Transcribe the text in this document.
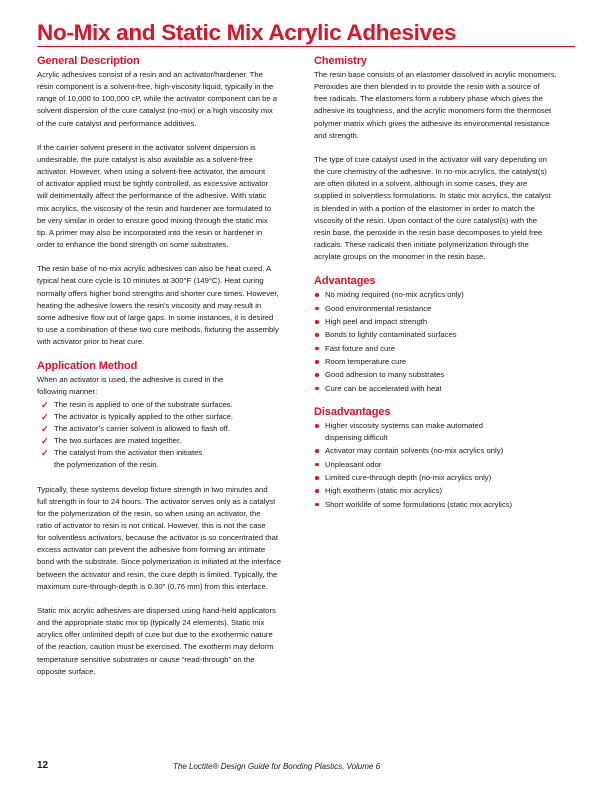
No-Mix and Static Mix Acrylic Adhesives
General Description

Acrylic adhesives consist of a resin and an activator/hardener. The
resin component is a solvent-free, high-viscosity liquid, typically in the
range of 10,000 to 100,000 cP, while the activator component can be a
solvent dispersion of the cure catalyst (no-mix) or a high viscosity mix
of the cure catalyst and performance additives.

If the carrier solvent present in the activator solvent dispersion is
undesirable, the pure catalyst is also available as a solvent-free
activator. However, when using a solvent-free activator, the amount
of activator applied must be tightly controlled, as excessive activator
will detrimentally affect the performance of the adhesive. With static
mix acrylics, the viscosity of the resin and hardener are formulated to
be very similar in order to ensure good mixing through the static mix
tip. A primer may also be incorporated into the resin or hardener in
order to enhance the bond strength on some substrates.

The resin base of no-mix acrylic adhesives can also be heat cured. A
typical heat cure cycle is 10 minutes at 300°F (149°C). Heat curing
normally offers higher bond strengths and shorter cure times. However,
heating the adhesive lowers the resin’s viscosity and may result in
some adhesive flow out of large gaps. In some instances, it is desired
to use a combination of these two cure methods, fixturing the assembly
with activator prior to heat cure.

Application Method

When an activator is used, the adhesive is cured in the
following manner:

✓ The resin is applied to one of the substrate surfaces.
✓ The activator is typically applied to the other surface.
✓ The activator’s carrier solvent is allowed to flash off.
✓ The two surfaces are mated together.
✓ The catalyst from the activator then initiates
the polymerization of the resin.

Typically, these systems develop fixture strength in two minutes and
full strength in four to 24 hours. The activator serves only as a catalyst
for the polymerization of the resin, so when using an activator, the
ratio of activator to resin is not critical. However, this is not the case
for solventless activators, because the activator is so concentrated that
excess activator can prevent the adhesive from forming an intimate
bond with the substrate. Since polymerization is initiated at the interface
between the activator and resin, the cure depth is limited. Typically, the
maximum cure-through-depth is 0.30" (0.76 mm) from this interface.

Static mix acrylic adhesives are dispersed using hand-held applicators
and the appropriate static mix tip (typically 24 elements). Static mix
acrylics offer unlimited depth of cure but due to the exothermic nature
of the reaction, caution must be exercised. The exotherm may deform
temperature sensitive substrates or cause “read-through” on the
opposite surface.

Chemistry

The resin base consists of an elastomer dissolved in acrylic monomers.
Peroxides are then blended in to provide the resin with a source of
free radicals. The elastomers form a rubbery phase which gives the
adhesive its toughness, and the acrylic monomers form the thermoset
polymer matrix which gives the adhesive its environmental resistance
and strength.

The type of cure catalyst used in the activator will vary depending on
the cure chemistry of the adhesive. In no-mix acrylics, the catalyst(s)
are often diluted in a solvent, although in some cases, they are
supplied in solventless formulations. In static mix acrylics, the catalyst
is blended in with a portion of the elastomer in order to match the
viscosity of the resin. Upon contact of the cure catalyst(s) with the
resin base, the peroxide in the resin base decomposes to yield free
radicals. These radicals then initiate polymerization through the
acrylate groups on the monomer in the resin base.

Advantages
No mixing required (no-mix acrylics only)
Good environmental resistance
High peel and impact strength
Bonds to lightly contaminated surfaces
Fast fixture and cure
Room temperature cure
Good adhesion to many substrates
Cure can be accelerated with heat
Disadvantages
Higher viscosity systems can make automated
dispensing difficult
Activator may contain solvents (no-mix acrylics only)
Unpleasant odor
Limited cure-through depth (no-mix acrylics only)
High exotherm (static mix acrylics)
Short worklife of some formulations (static mix acrylics)
12	The Loctite® Design Guide for Bonding Plastics, Volume 6
